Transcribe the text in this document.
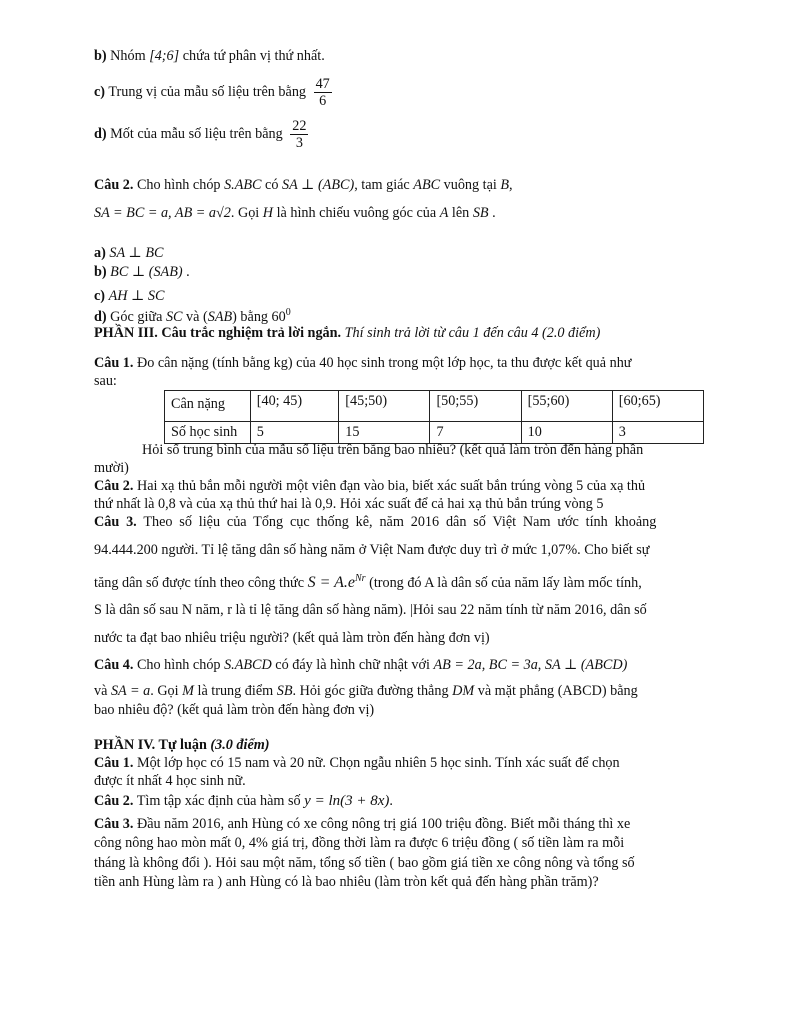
b) Nhóm [4;6] chứa tứ phân vị thứ nhất.
c) Trung vị của mẫu số liệu trên bằng $\frac{47}{6}$
d) Mốt của mẫu số liệu trên bằng $\frac{22}{3}$
Câu 2. Cho hình chóp S.ABC có SA ⊥ (ABC), tam giác ABC vuông tại B,
SA = BC = a, AB = a√2. Gọi H là hình chiếu vuông góc của A lên SB .
a) SA ⊥ BC
b) BC ⊥ (SAB) .
c) AH ⊥ SC
d) Góc giữa SC và (SAB) bằng $60^0$
PHẦN III. Câu trắc nghiệm trả lời ngắn. Thí sinh trả lời từ câu 1 đến câu 4 (2.0 điểm)
Câu 1. Đo cân nặng (tính bằng kg) của 40 học sinh trong một lớp học, ta thu được kết quả như
sau:
Cân nặng	[40; 45)	[45;50)	[50;55)	[55;60)	[60;65)
Số học sinh	5	15	7	10	3
Hỏi số trung bình của mẫu số liệu trên bằng bao nhiêu? (kết quả làm tròn đến hàng phần
mười)
Câu 2. Hai xạ thủ bắn mỗi người một viên đạn vào bia, biết xác suất bắn trúng vòng 5 của xạ thủ
thứ nhất là 0,8 và của xạ thủ thứ hai là 0,9. Hỏi xác suất để cả hai xạ thủ bắn trúng vòng 5
Câu 3. Theo số liệu của Tổng cục thống kê, năm 2016 dân số Việt Nam ước tính khoảng
94.444.200 người. Tỉ lệ tăng dân số hàng năm ở Việt Nam được duy trì ở mức 1,07%. Cho biết sự
tăng dân số được tính theo công thức $S = A.e^{Nr}$ (trong đó A là dân số của năm lấy làm mốc tính,
S là dân số sau N năm, r là tỉ lệ tăng dân số hàng năm). |Hỏi sau 22 năm tính từ năm 2016, dân số
nước ta đạt bao nhiêu triệu người? (kết quả làm tròn đến hàng đơn vị)
Câu 4. Cho hình chóp S.ABCD có đáy là hình chữ nhật với AB = 2a, BC = 3a, SA ⊥ (ABCD)
và SA = a. Gọi M là trung điểm SB. Hỏi góc giữa đường thẳng DM và mặt phẳng (ABCD) bằng
bao nhiêu độ? (kết quả làm tròn đến hàng đơn vị)
PHẦN IV. Tự luận (3.0 điểm)
Câu 1. Một lớp học có 15 nam và 20 nữ. Chọn ngẫu nhiên 5 học sinh. Tính xác suất để chọn
được ít nhất 4 học sinh nữ.
Câu 2. Tìm tập xác định của hàm số y = ln(3 + 8x).
Câu 3. Đầu năm 2016, anh Hùng có xe công nông trị giá 100 triệu đồng. Biết mỗi tháng thì xe
công nông hao mòn mất 0, 4% giá trị, đồng thời làm ra được 6 triệu đồng ( số tiền làm ra mỗi
tháng là không đổi ). Hỏi sau một năm, tổng số tiền ( bao gồm giá tiền xe công nông và tổng số
tiền anh Hùng làm ra ) anh Hùng có là bao nhiêu (làm tròn kết quả đến hàng phần trăm)?
